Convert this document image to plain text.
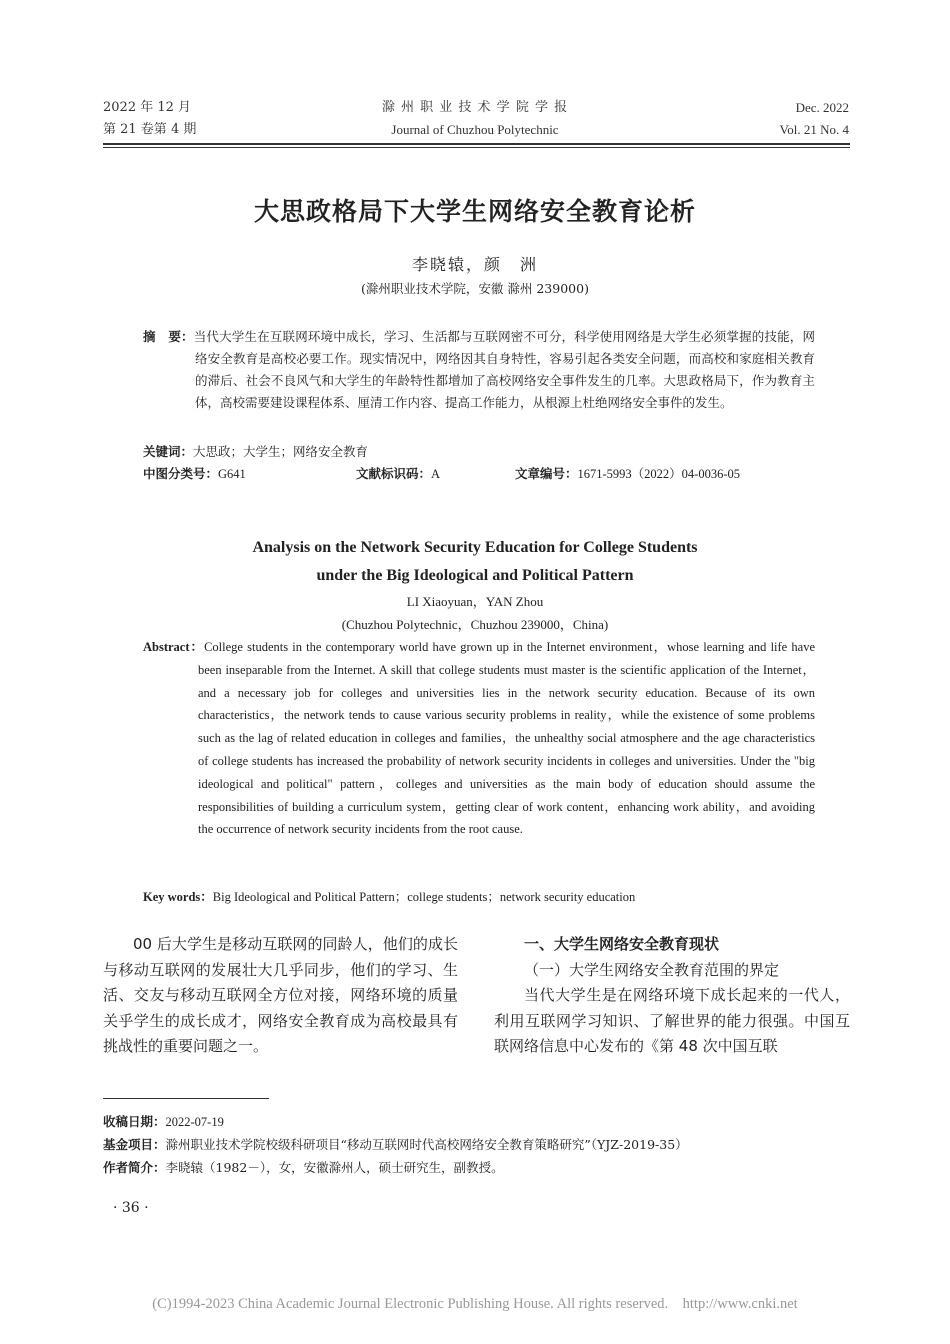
2022 年 12 月
第 21 卷第 4 期
滁 州 职 业 技 术 学 院 学 报
Journal of Chuzhou Polytechnic
Dec. 2022
Vol. 21 No. 4
大思政格局下大学生网络安全教育论析
李晓辕，颜　洲
(滁州职业技术学院，安徽 滁州 239000)
摘　要：当代大学生在互联网环境中成长，学习、生活都与互联网密不可分，科学使用网络是大学生必须掌握的技能，网络安全教育是高校必要工作。现实情况中，网络因其自身特性，容易引起各类安全问题，而高校和家庭相关教育的滞后、社会不良风气和大学生的年龄特性都增加了高校网络安全事件发生的几率。大思政格局下，作为教育主体，高校需要建设课程体系、厘清工作内容、提高工作能力，从根源上杜绝网络安全事件的发生。
关键词：大思政；大学生；网络安全教育
中图分类号：G641	文献标识码：A	文章编号：1671-5993（2022）04-0036-05
Analysis on the Network Security Education for College Students
under the Big Ideological and Political Pattern
LI Xiaoyuan，YAN Zhou
(Chuzhou Polytechnic，Chuzhou 239000，China)
Abstract：College students in the contemporary world have grown up in the Internet environment，whose learning and life have been inseparable from the Internet. A skill that college students must master is the scientific application of the Internet，and a necessary job for colleges and universities lies in the network security education. Because of its own characteristics，the network tends to cause various security problems in reality，while the existence of some problems such as the lag of related education in colleges and families，the unhealthy social atmosphere and the age characteristics of college students has increased the probability of network security incidents in colleges and universities. Under the "big ideological and political" pattern，colleges and universities as the main body of education should assume the responsibilities of building a curriculum system，getting clear of work content，enhancing work ability，and avoiding the occurrence of network security incidents from the root cause.
Key words：Big Ideological and Political Pattern；college students；network security education
00 后大学生是移动互联网的同龄人，他们的成长与移动互联网的发展壮大几乎同步，他们的学习、生活、交友与移动互联网全方位对接，网络环境的质量关乎学生的成长成才，网络安全教育成为高校最具有挑战性的重要问题之一。
一、大学生网络安全教育现状
（一）大学生网络安全教育范围的界定
当代大学生是在网络环境下成长起来的一代人，利用互联网学习知识、了解世界的能力很强。中国互联网络信息中心发布的《第 48 次中国互联
收稿日期：2022-07-19
基金项目：滁州职业技术学院校级科研项目“移动互联网时代高校网络安全教育策略研究”（YJZ-2019-35）
作者简介：李晓辕（1982－），女，安徽滁州人，硕士研究生，副教授。
· 36 ·
(C)1994-2023 China Academic Journal Electronic Publishing House. All rights reserved.    http://www.cnki.net
